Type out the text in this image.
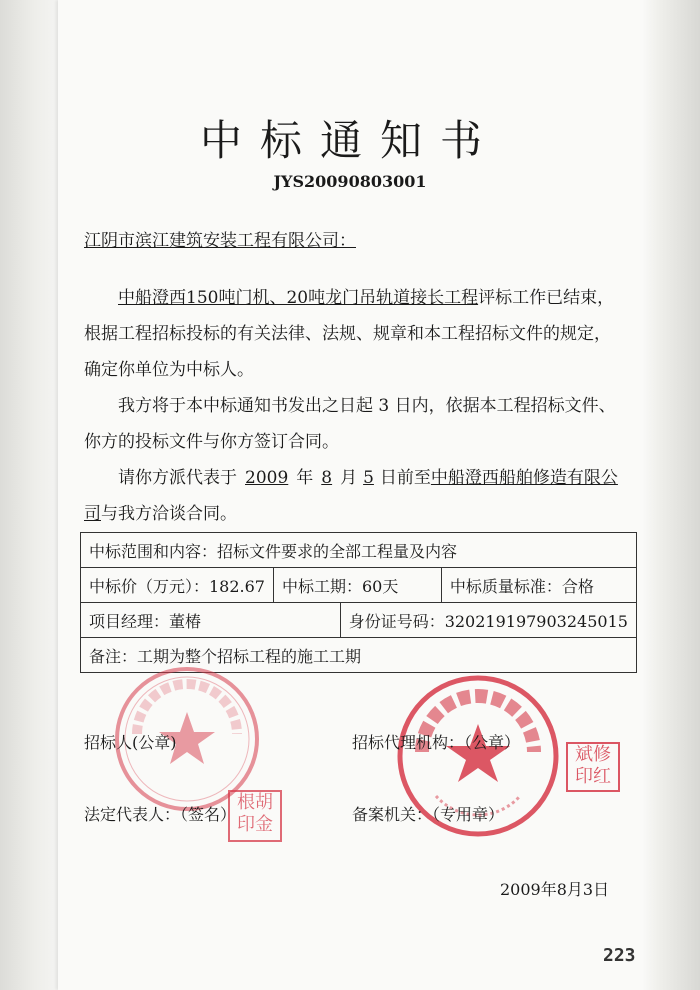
中标通知书
JYS20090803001
江阴市滨江建筑安装工程有限公司：
中船澄西150吨门机、20吨龙门吊轨道接长工程评标工作已结束，根据工程招标投标的有关法律、法规、规章和本工程招标文件的规定，确定你单位为中标人。
我方将于本中标通知书发出之日起 3 日内，依据本工程招标文件、你方的投标文件与你方签订合同。
请你方派代表于 2009 年 8 月 5 日前至中船澄西船舶修造有限公司与我方洽谈合同。
中标范围和内容：招标文件要求的全部工程量及内容			
中标价（万元）：182.67	中标工期：60天		中标质量标准：合格
项目经理：董椿		身份证号码：320219197903245015	
备注：工期为整个招标工程的施工工期			
招标人(公章)	招标代理机构：（公章）
法定代表人：（签名）	备案机关：（专用章）
根胡
印金
斌修
印红
2009年8月3日
223
